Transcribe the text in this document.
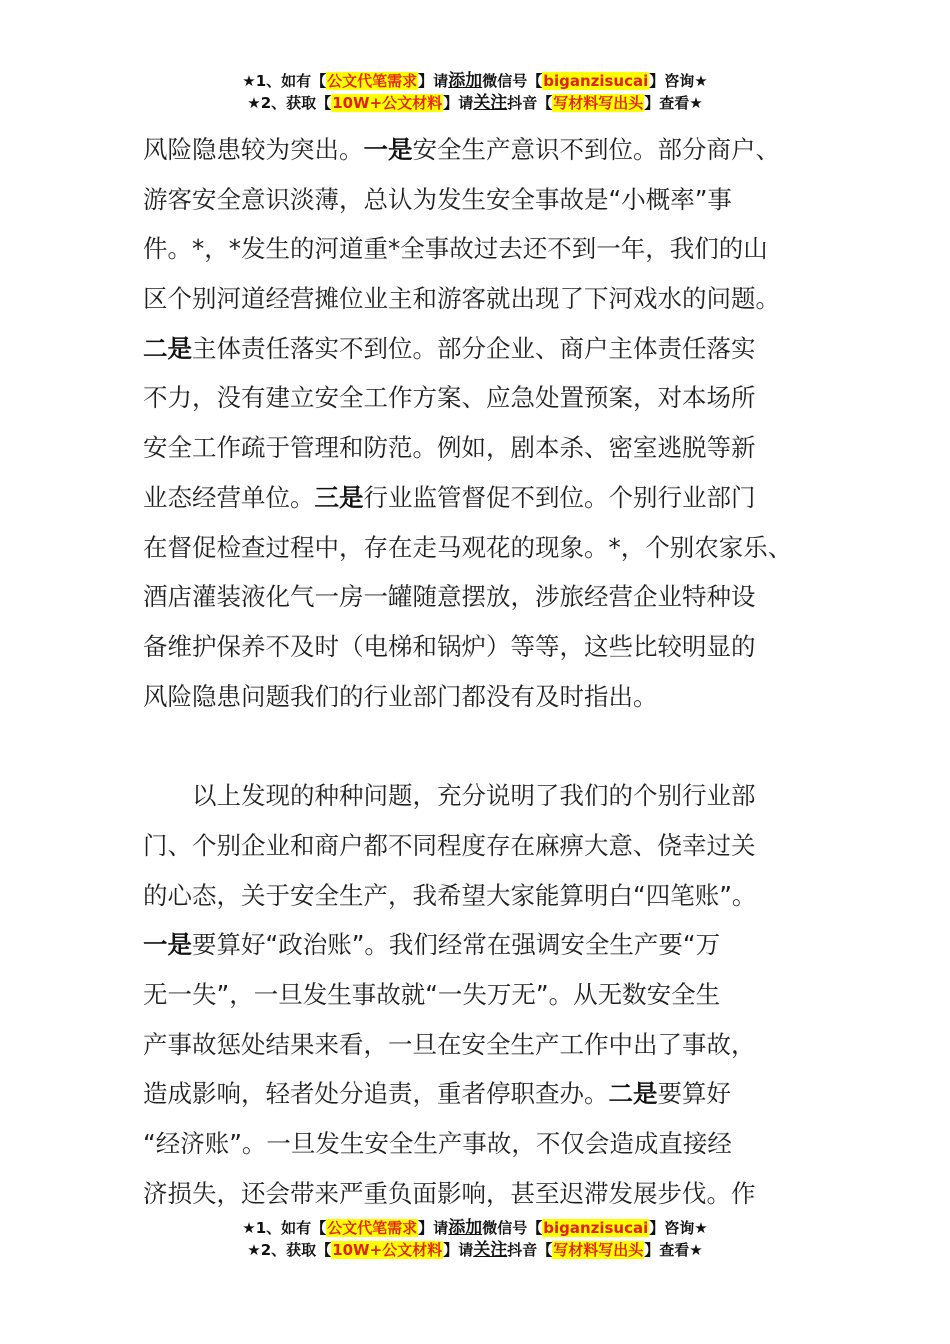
★1、如有【公文代笔需求】请添加微信号【biganzisucai】咨询★
★2、获取【10W+公文材料】请关注抖音【写材料写出头】查看★
风险隐患较为突出。一是安全生产意识不到位。部分商户、
游客安全意识淡薄，总认为发生安全事故是“小概率”事
件。*，*发生的河道重*全事故过去还不到一年，我们的山
区个别河道经营摊位业主和游客就出现了下河戏水的问题。
二是主体责任落实不到位。部分企业、商户主体责任落实
不力，没有建立安全工作方案、应急处置预案，对本场所
安全工作疏于管理和防范。例如，剧本杀、密室逃脱等新
业态经营单位。三是行业监管督促不到位。个别行业部门
在督促检查过程中，存在走马观花的现象。*，个别农家乐、
酒店灌装液化气一房一罐随意摆放，涉旅经营企业特种设
备维护保养不及时（电梯和锅炉）等等，这些比较明显的
风险隐患问题我们的行业部门都没有及时指出。
　　以上发现的种种问题，充分说明了我们的个别行业部
门、个别企业和商户都不同程度存在麻痹大意、侥幸过关
的心态，关于安全生产，我希望大家能算明白“四笔账”。
一是要算好“政治账”。我们经常在强调安全生产要“万
无一失”，一旦发生事故就“一失万无”。从无数安全生
产事故惩处结果来看，一旦在安全生产工作中出了事故，
造成影响，轻者处分追责，重者停职查办。二是要算好
“经济账”。一旦发生安全生产事故，不仅会造成直接经
济损失，还会带来严重负面影响，甚至迟滞发展步伐。作
★1、如有【公文代笔需求】请添加微信号【biganzisucai】咨询★
★2、获取【10W+公文材料】请关注抖音【写材料写出头】查看★
